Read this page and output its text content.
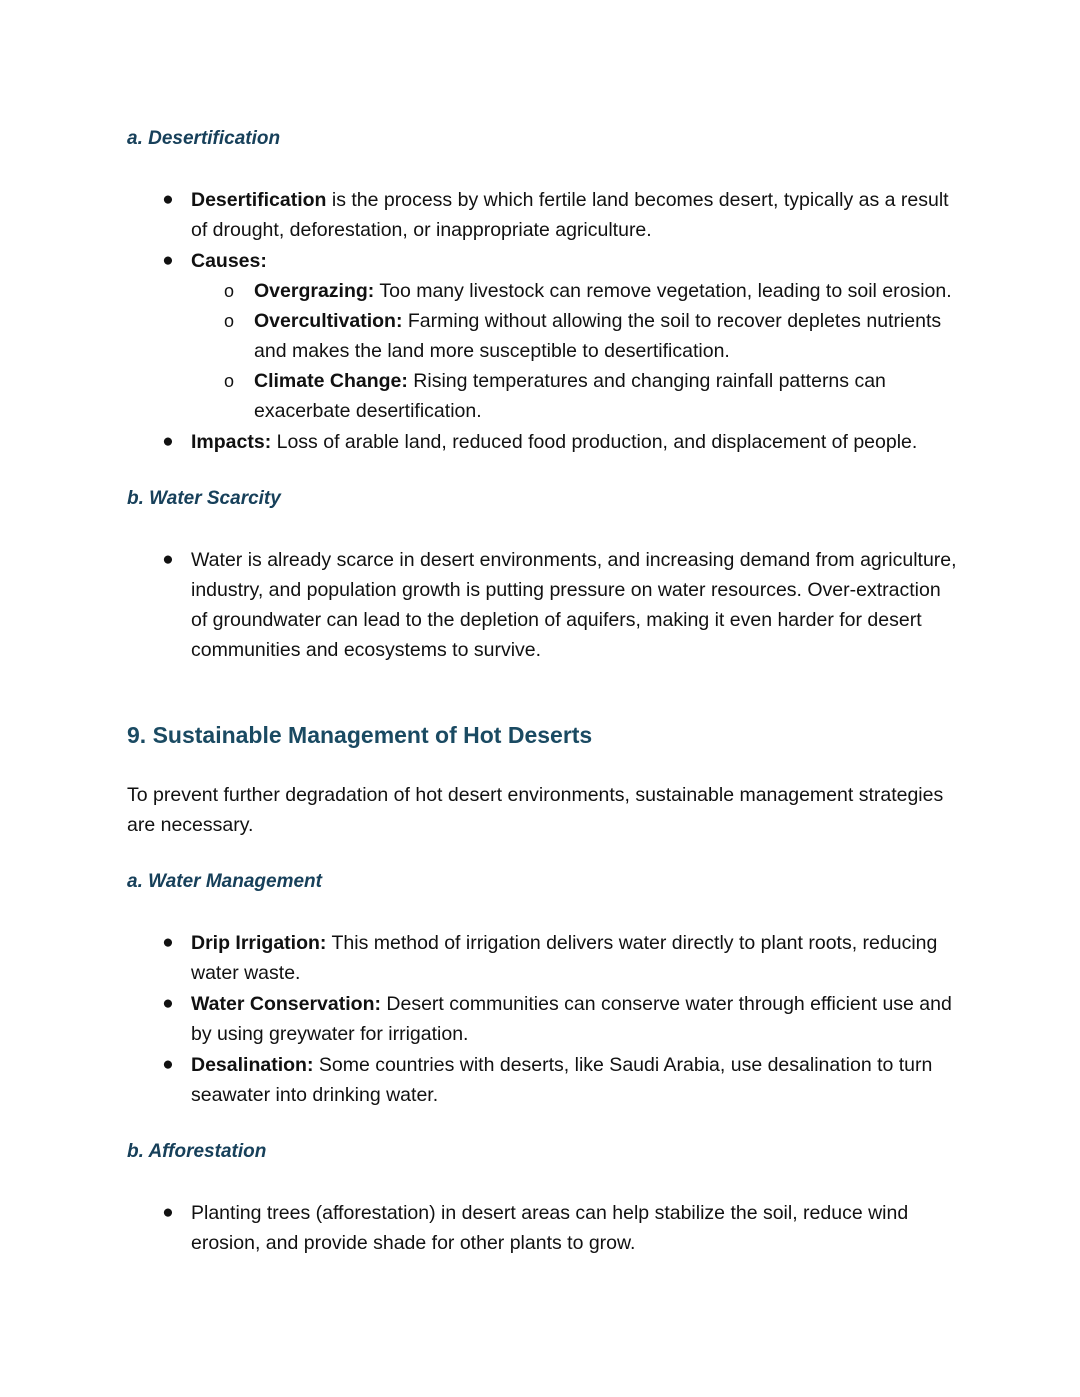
a. Desertification
● Desertification is the process by which fertile land becomes desert, typically as a result of drought, deforestation, or inappropriate agriculture.
● Causes:
o Overgrazing: Too many livestock can remove vegetation, leading to soil erosion.
o Overcultivation: Farming without allowing the soil to recover depletes nutrients and makes the land more susceptible to desertification.
o Climate Change: Rising temperatures and changing rainfall patterns can exacerbate desertification.
● Impacts: Loss of arable land, reduced food production, and displacement of people.
b. Water Scarcity
● Water is already scarce in desert environments, and increasing demand from agriculture, industry, and population growth is putting pressure on water resources. Over-extraction of groundwater can lead to the depletion of aquifers, making it even harder for desert communities and ecosystems to survive.
9. Sustainable Management of Hot Deserts
To prevent further degradation of hot desert environments, sustainable management strategies are necessary.
a. Water Management
● Drip Irrigation: This method of irrigation delivers water directly to plant roots, reducing water waste.
● Water Conservation: Desert communities can conserve water through efficient use and by using greywater for irrigation.
● Desalination: Some countries with deserts, like Saudi Arabia, use desalination to turn seawater into drinking water.
b. Afforestation
● Planting trees (afforestation) in desert areas can help stabilize the soil, reduce wind erosion, and provide shade for other plants to grow.
